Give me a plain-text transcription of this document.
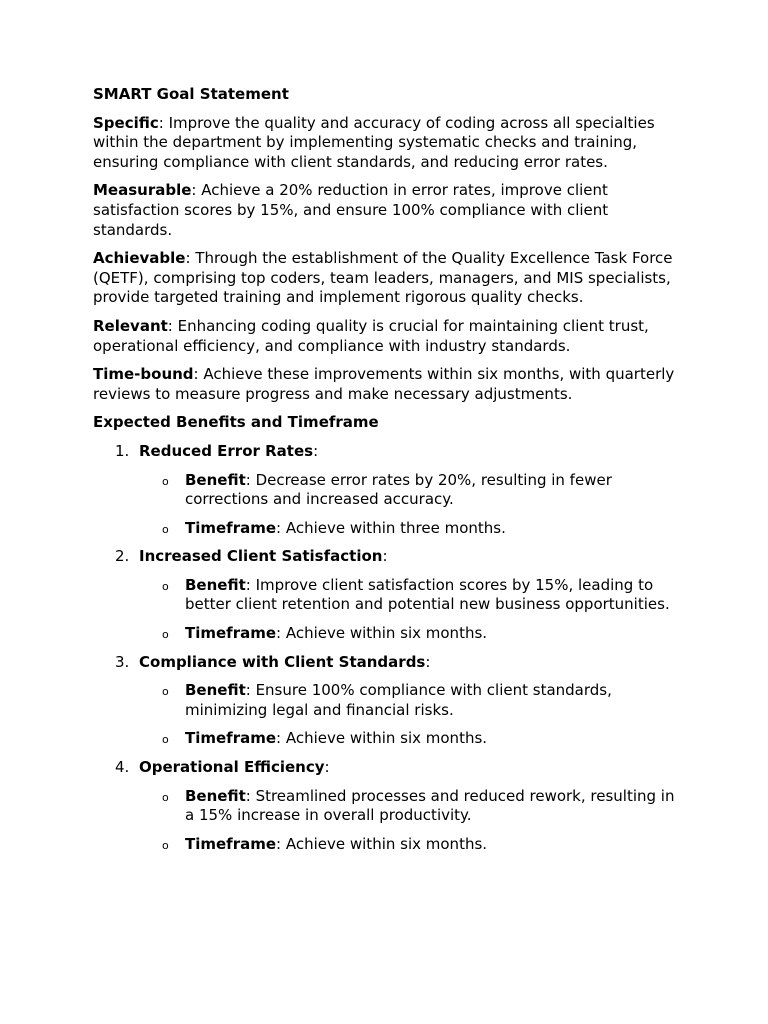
SMART Goal Statement

Specific: Improve the quality and accuracy of coding across all specialties within the department by implementing systematic checks and training, ensuring compliance with client standards, and reducing error rates.

Measurable: Achieve a 20% reduction in error rates, improve client satisfaction scores by 15%, and ensure 100% compliance with client standards.

Achievable: Through the establishment of the Quality Excellence Task Force (QETF), comprising top coders, team leaders, managers, and MIS specialists, provide targeted training and implement rigorous quality checks.

Relevant: Enhancing coding quality is crucial for maintaining client trust, operational efficiency, and compliance with industry standards.

Time-bound: Achieve these improvements within six months, with quarterly reviews to measure progress and make necessary adjustments.

Expected Benefits and Timeframe

1. Reduced Error Rates:

o Benefit: Decrease error rates by 20%, resulting in fewer corrections and increased accuracy.
o Timeframe: Achieve within three months.
2. Increased Client Satisfaction:

o Benefit: Improve client satisfaction scores by 15%, leading to better client retention and potential new business opportunities.
o Timeframe: Achieve within six months.
3. Compliance with Client Standards:

o Benefit: Ensure 100% compliance with client standards, minimizing legal and financial risks.
o Timeframe: Achieve within six months.
4. Operational Efficiency:

o Benefit: Streamlined processes and reduced rework, resulting in a 15% increase in overall productivity.
o Timeframe: Achieve within six months.
